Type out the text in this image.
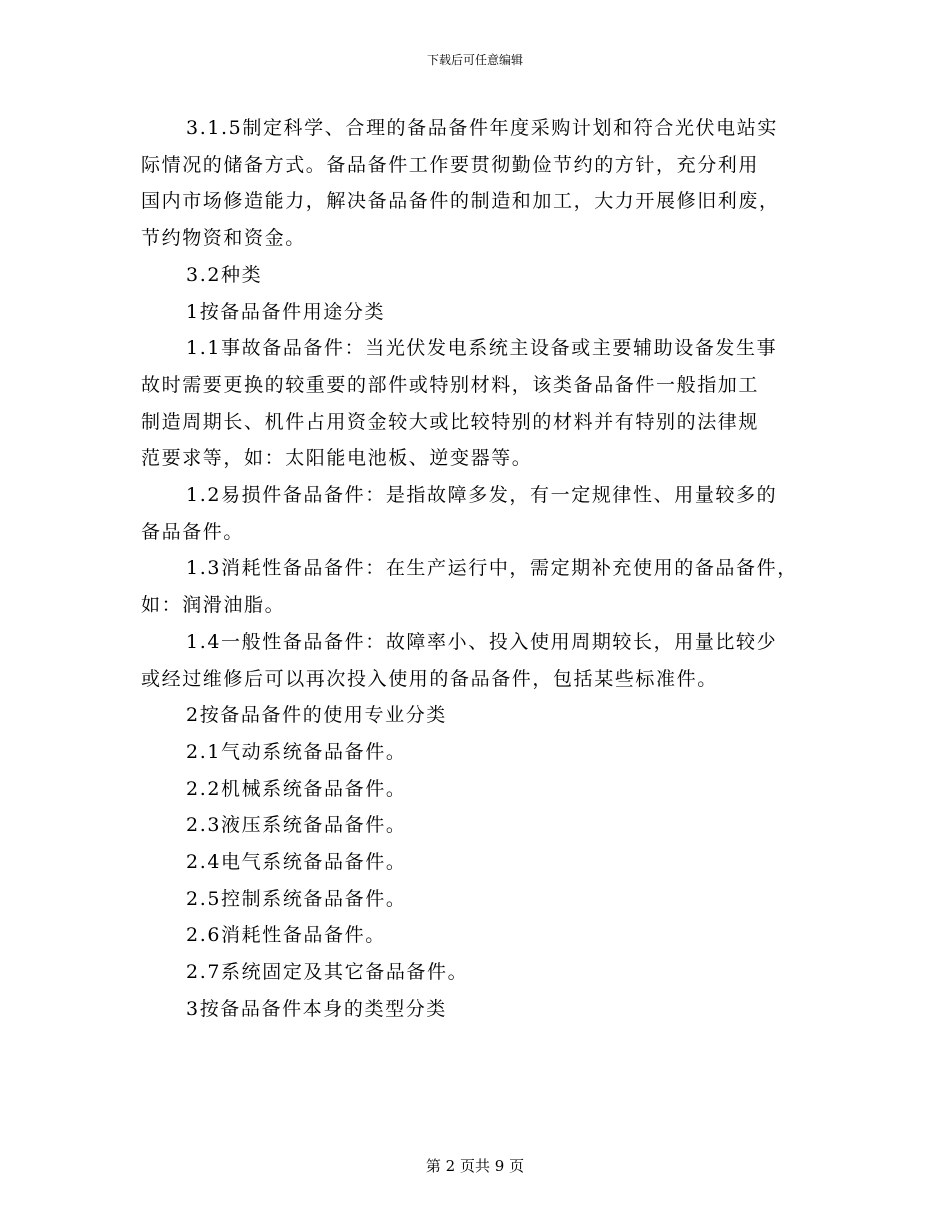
下载后可任意编辑
3.1.5制定科学、合理的备品备件年度采购计划和符合光伏电站实
际情况的储备方式。备品备件工作要贯彻勤俭节约的方针，充分利用
国内市场修造能力，解决备品备件的制造和加工，大力开展修旧利废，
节约物资和资金。
3.2种类
1按备品备件用途分类
1.1事故备品备件：当光伏发电系统主设备或主要辅助设备发生事
故时需要更换的较重要的部件或特别材料，该类备品备件一般指加工
制造周期长、机件占用资金较大或比较特别的材料并有特别的法律规
范要求等，如：太阳能电池板、逆变器等。
1.2易损件备品备件：是指故障多发，有一定规律性、用量较多的
备品备件。
1.3消耗性备品备件：在生产运行中，需定期补充使用的备品备件，
如：润滑油脂。
1.4一般性备品备件：故障率小、投入使用周期较长，用量比较少
或经过维修后可以再次投入使用的备品备件，包括某些标准件。
2按备品备件的使用专业分类
2.1气动系统备品备件。
2.2机械系统备品备件。
2.3液压系统备品备件。
2.4电气系统备品备件。
2.5控制系统备品备件。
2.6消耗性备品备件。
2.7系统固定及其它备品备件。
3按备品备件本身的类型分类
第 2 页共 9 页
